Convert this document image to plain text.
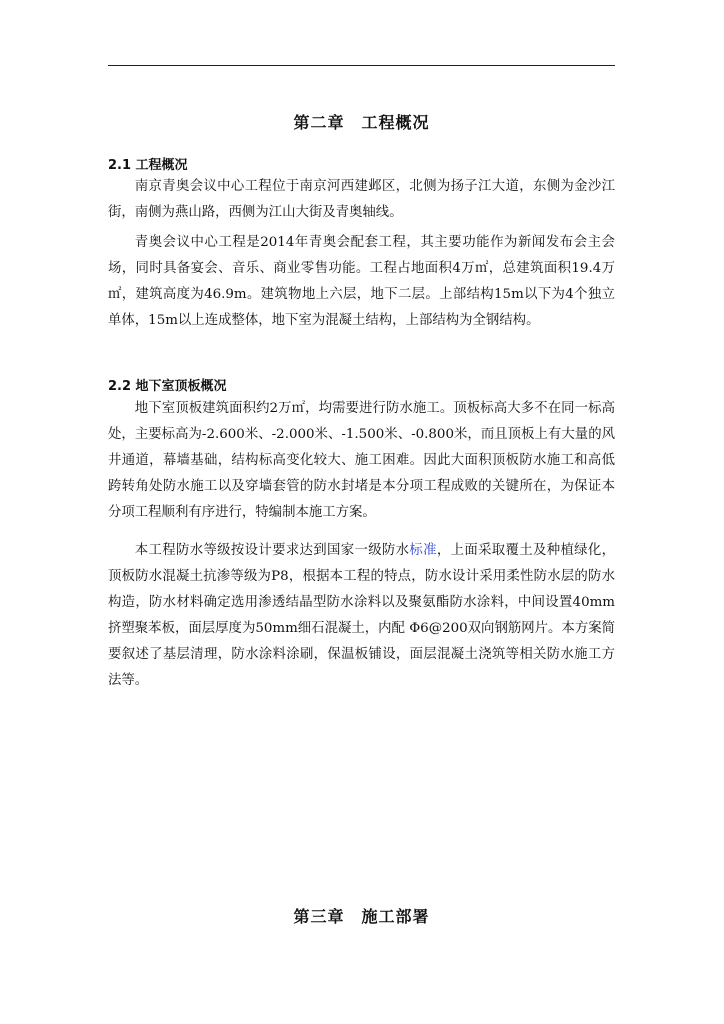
第二章　工程概况
2.1 工程概况

南京青奥会议中心工程位于南京河西建邺区，北侧为扬子江大道，东侧为金沙江街，南侧为燕山路，西侧为江山大街及青奥轴线。

青奥会议中心工程是2014年青奥会配套工程，其主要功能作为新闻发布会主会场，同时具备宴会、音乐、商业零售功能。工程占地面积4万㎡，总建筑面积19.4万㎡，建筑高度为46.9m。建筑物地上六层，地下二层。上部结构15m以下为4个独立单体，15m以上连成整体，地下室为混凝土结构，上部结构为全钢结构。

2.2 地下室顶板概况

地下室顶板建筑面积约2万㎡，均需要进行防水施工。顶板标高大多不在同一标高处，主要标高为-2.600米、-2.000米、-1.500米、-0.800米，而且顶板上有大量的风井通道，幕墙基础，结构标高变化较大、施工困难。因此大面积顶板防水施工和高低跨转角处防水施工以及穿墙套管的防水封堵是本分项工程成败的关键所在，为保证本分项工程顺利有序进行，特编制本施工方案。

本工程防水等级按设计要求达到国家一级防水标准，上面采取覆土及种植绿化，顶板防水混凝土抗渗等级为P8，根据本工程的特点，防水设计采用柔性防水层的防水构造，防水材料确定选用渗透结晶型防水涂料以及聚氨酯防水涂料，中间设置40mm挤塑聚苯板，面层厚度为50mm细石混凝土，内配 Φ6@200双向钢筋网片。本方案简要叙述了基层清理，防水涂料涂刷，保温板铺设，面层混凝土浇筑等相关防水施工方法等。

第三章　施工部署
